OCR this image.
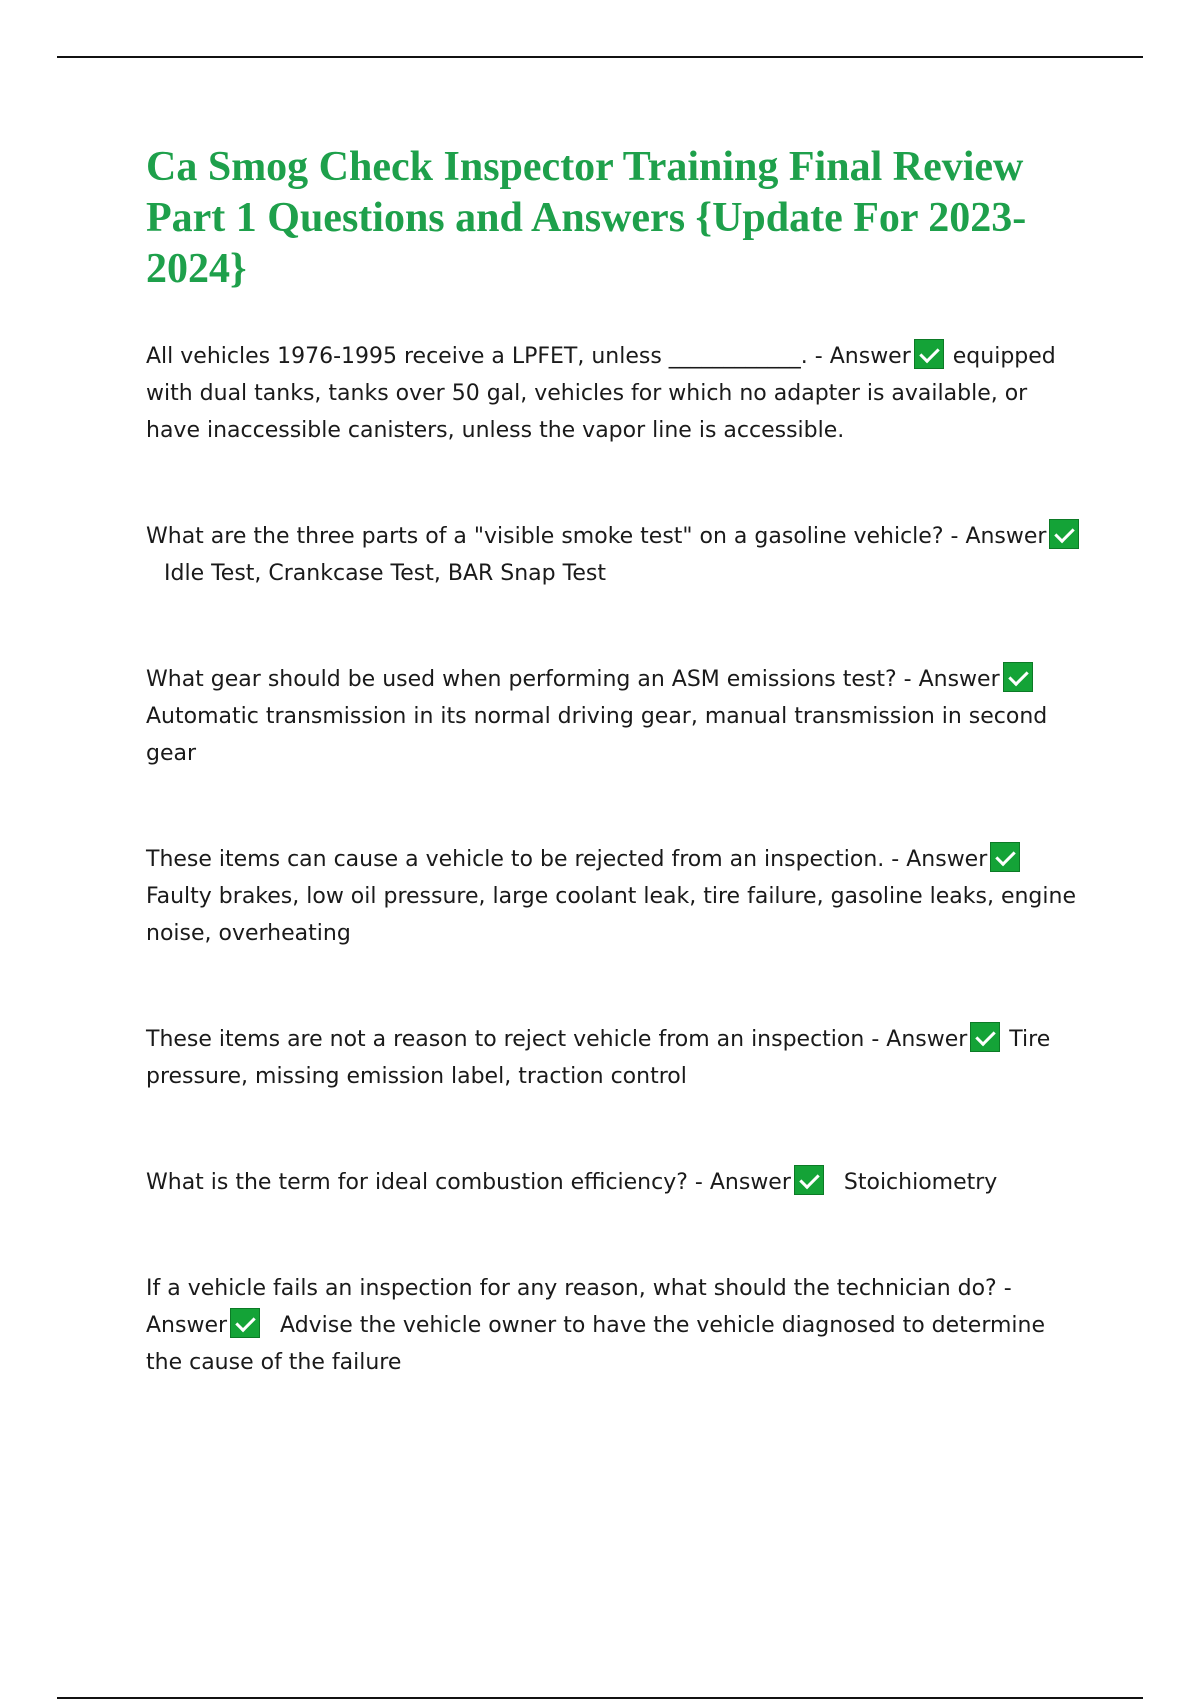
Ca Smog Check Inspector Training Final Review Part 1 Questions and Answers {Update For 2023-2024}

All vehicles 1976-1995 receive a LPFET, unless ____________. - Answer equipped with dual tanks, tanks over 50 gal, vehicles for which no adapter is available, or have inaccessible canisters, unless the vapor line is accessible.

What are the three parts of a "visible smoke test" on a gasoline vehicle? - AnswerIdle Test, Crankcase Test, BAR Snap Test

What gear should be used when performing an ASM emissions test? - Answer Automatic transmission in its normal driving gear, manual transmission in second gear

These items can cause a vehicle to be rejected from an inspection. - Answer Faulty brakes, low oil pressure, large coolant leak, tire failure, gasoline leaks, engine noise, overheating

These items are not a reason to reject vehicle from an inspection - Answer Tire pressure, missing emission label, traction control

What is the term for ideal combustion efficiency? - Answer Stoichiometry

If a vehicle fails an inspection for any reason, what should the technician do? - Answer Advise the vehicle owner to have the vehicle diagnosed to determine the cause of the failure
